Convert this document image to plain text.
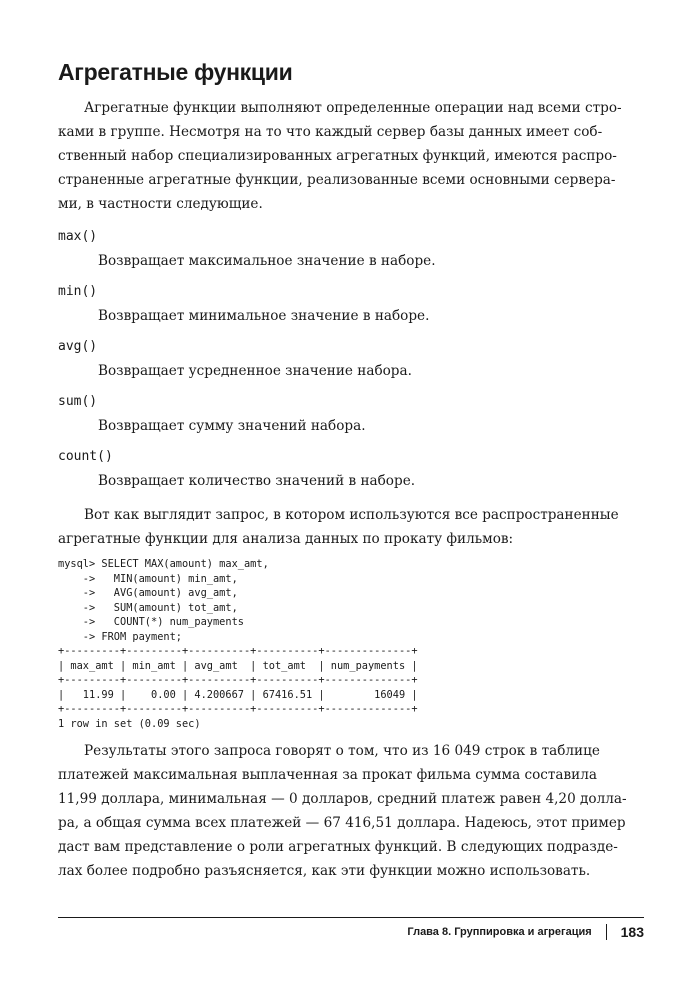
Агрегатные функции

Агрегатные функции выполняют определенные операции над всеми стро-
ками в группе. Несмотря на то что каждый сервер базы данных имеет соб-
ственный набор специализированных агрегатных функций, имеются распро-
страненные агрегатные функции, реализованные всеми основными сервера-
ми, в частности следующие.

max()
Возвращает максимальное значение в наборе.
min()
Возвращает минимальное значение в наборе.
avg()
Возвращает усредненное значение набора.
sum()
Возвращает сумму значений набора.
count()
Возвращает количество значений в наборе.

Вот как выглядит запрос, в котором используются все распространенные
агрегатные функции для анализа данных по прокату фильмов:

mysql> SELECT MAX(amount) max_amt,
->   MIN(amount) min_amt,
->   AVG(amount) avg_amt,
->   SUM(amount) tot_amt,
->   COUNT(*) num_payments
-> FROM payment;
+---------+---------+----------+----------+--------------+
| max_amt | min_amt | avg_amt  | tot_amt  | num_payments |
+---------+---------+----------+----------+--------------+
|   11.99 |    0.00 | 4.200667 | 67416.51 |        16049 |
+---------+---------+----------+----------+--------------+
1 row in set (0.09 sec)

Результаты этого запроса говорят о том, что из 16 049 строк в таблице
платежей максимальная выплаченная за прокат фильма сумма составила
11,99 доллара, минимальная — 0 долларов, средний платеж равен 4,20 долла-
ра, а общая сумма всех платежей — 67 416,51 доллара. Надеюсь, этот пример
даст вам представление о роли агрегатных функций. В следующих подразде-
лах более подробно разъясняется, как эти функции можно использовать.

Глава 8. Группировка и агрегация 183
